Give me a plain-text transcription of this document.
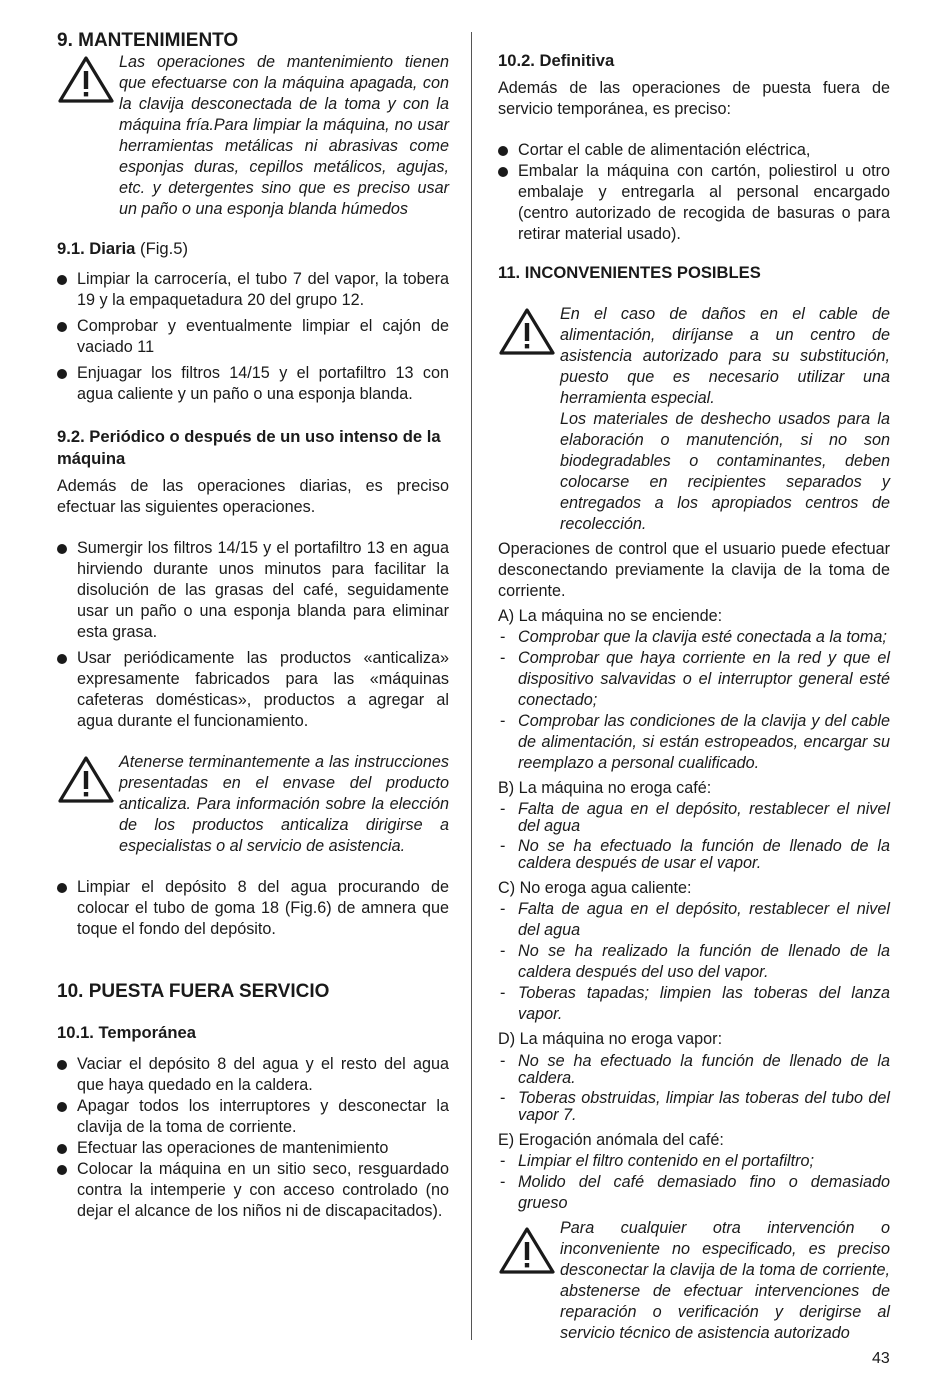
9. MANTENIMIENTO

Las operaciones de mantenimiento tienen que efectuarse con la máquina apagada, con la clavija desconectada de la toma y con la máquina fría.Para limpiar la máquina, no usar herramientas metálicas ni abrasivas come esponjas duras, cepillos metálicos, agujas, etc. y detergentes sino que es preciso usar un paño o una esponja blanda húmedos

9.1. Diaria (Fig.5)
Limpiar la carrocería, el tubo 7 del vapor, la tobera 19 y la empaquetadura 20 del grupo 12.
Comprobar y eventualmente limpiar el cajón de vaciado 11
Enjuagar los filtros 14/15 y el portafiltro 13 con agua caliente y un paño o una esponja blanda.
9.2. Periódico o después de un uso intenso de la máquina

Además de las operaciones diarias, es preciso efectuar las siguientes operaciones.

Sumergir los filtros 14/15 y el portafiltro 13 en agua hirviendo durante unos minutos para facilitar la disolución de las grasas del café, seguidamente usar un paño o una esponja blanda para eliminar esta grasa.
Usar periódicamente las productos «anticaliza» expresamente fabricados para las «máquinas cafeteras domésticas», productos a agregar al agua durante el funcionamiento.

Atenerse terminantemente a las instrucciones presentadas en el envase del producto anticaliza. Para información sobre la elección de los productos anticaliza dirigirse a especialistas o al servicio de asistencia.

Limpiar el depósito 8 del agua procurando de colocar el tubo de goma 18 (Fig.6) de amnera que toque el fondo del depósito.
10. PUESTA FUERA SERVICIO
10.1. Temporánea
Vaciar el depósito 8 del agua y el resto del agua que haya quedado en la caldera.
Apagar todos los interruptores y desconectar la clavija de la toma de corriente.
Efectuar las operaciones de mantenimiento
Colocar la máquina en un sitio seco, resguardado contra la intemperie y con acceso controlado (no dejar el alcance de los niños ni de discapacitados).
10.2. Definitiva

Además de las operaciones de puesta fuera de servicio temporánea, es preciso:

Cortar el cable de alimentación eléctrica,
Embalar la máquina con cartón, poliestirol u otro embalaje y entregarla al personal encargado (centro autorizado de recogida de basuras o para retirar material usado).
11. INCONVENIENTES POSIBLES

En el caso de daños en el cable de alimentación, diríjanse a un centro de asistencia autorizado para su substitución, puesto que es necesario utilizar una herramienta especial.

Los materiales de deshecho usados para la elaboración o manutención, si no son biodegradables o contaminantes, deben colocarse en recipientes separados y entregados a los apropiados centros de recolección.

Operaciones de control que el usuario puede efectuar desconectando previamente la clavija de la toma de corriente.

A) La máquina no se enciende:

- Comprobar que la clavija esté conectada a la toma;
- Comprobar que haya corriente en la red y que el dispositivo salvavidas o el interruptor general esté conectado;
- Comprobar las condiciones de la clavija y del cable de alimentación, si están estropeados, encargar su reemplazo a personal cualificado.

B) La máquina no eroga café:

- Falta de agua en el depósito, restablecer el nivel del agua
- No se ha efectuado la función de llenado de la caldera después de usar el vapor.

C) No eroga agua caliente:

- Falta de agua en el depósito, restablecer el nivel del agua
- No se ha realizado la función de llenado de la caldera después del uso del vapor.
- Toberas tapadas; limpien las toberas del lanza vapor.

D) La máquina no eroga vapor:

- No se ha efectuado la función de llenado de la caldera.
- Toberas obstruidas, limpiar las toberas del tubo del vapor 7.

E) Erogación anómala del café:

- Limpiar el filtro contenido en el portafiltro;
- Molido del café demasiado fino o demasiado grueso

Para cualquier otra intervención o inconveniente no especificado, es preciso desconectar la clavija de la toma de corriente, abstenerse de efectuar intervenciones de reparación o verificación y derigirse al servicio técnico de asistencia autorizado

43
